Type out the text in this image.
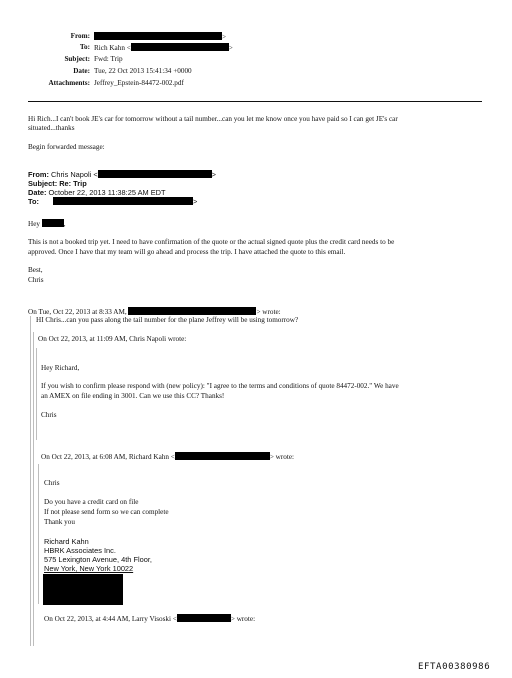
From:	>
To: Rich Kahn <	>
Subject: Fwd: Trip
Date: Tue, 22 Oct 2013 15:41:34 +0000
Attachments: Jeffrey_Epstein-84472-002.pdf
Hi Rich...I can't book JE's car for tomorrow without a tail number...can you let me know once you have paid so I can get JE's car
situated...thanks
Begin forwarded message:
From: Chris Napoli <	>
Subject: Re: Trip
Date: October 22, 2013 11:38:25 AM EDT
To:	>
Hey	,
This is not a booked trip yet. I need to have confirmation of the quote or the actual signed quote plus the credit card needs to be
approved. Once I have that my team will go ahead and process the trip. I have attached the quote to this email.
Best,
Chris
On Tue, Oct 22, 2013 at 8:33 AM,	> wrote:
HI Chris...can you pass along the tail number for the plane Jeffrey will be using tomorrow?
On Oct 22, 2013, at 11:09 AM, Chris Napoli wrote:
Hey Richard,
If you wish to confirm please respond with (new policy): "I agree to the terms and conditions of quote 84472-002." We have
an AMEX on file ending in 3001. Can we use this CC? Thanks!
Chris
On Oct 22, 2013, at 6:08 AM, Richard Kahn <	> wrote:
Chris
Do you have a credit card on file
If not please send form so we can complete
Thank you
Richard Kahn
HBRK Associates Inc.
575 Lexington Avenue, 4th Floor,
New York, New York 10022
On Oct 22, 2013, at 4:44 AM, Larry Visoski <	> wrote:
EFTA00380986
